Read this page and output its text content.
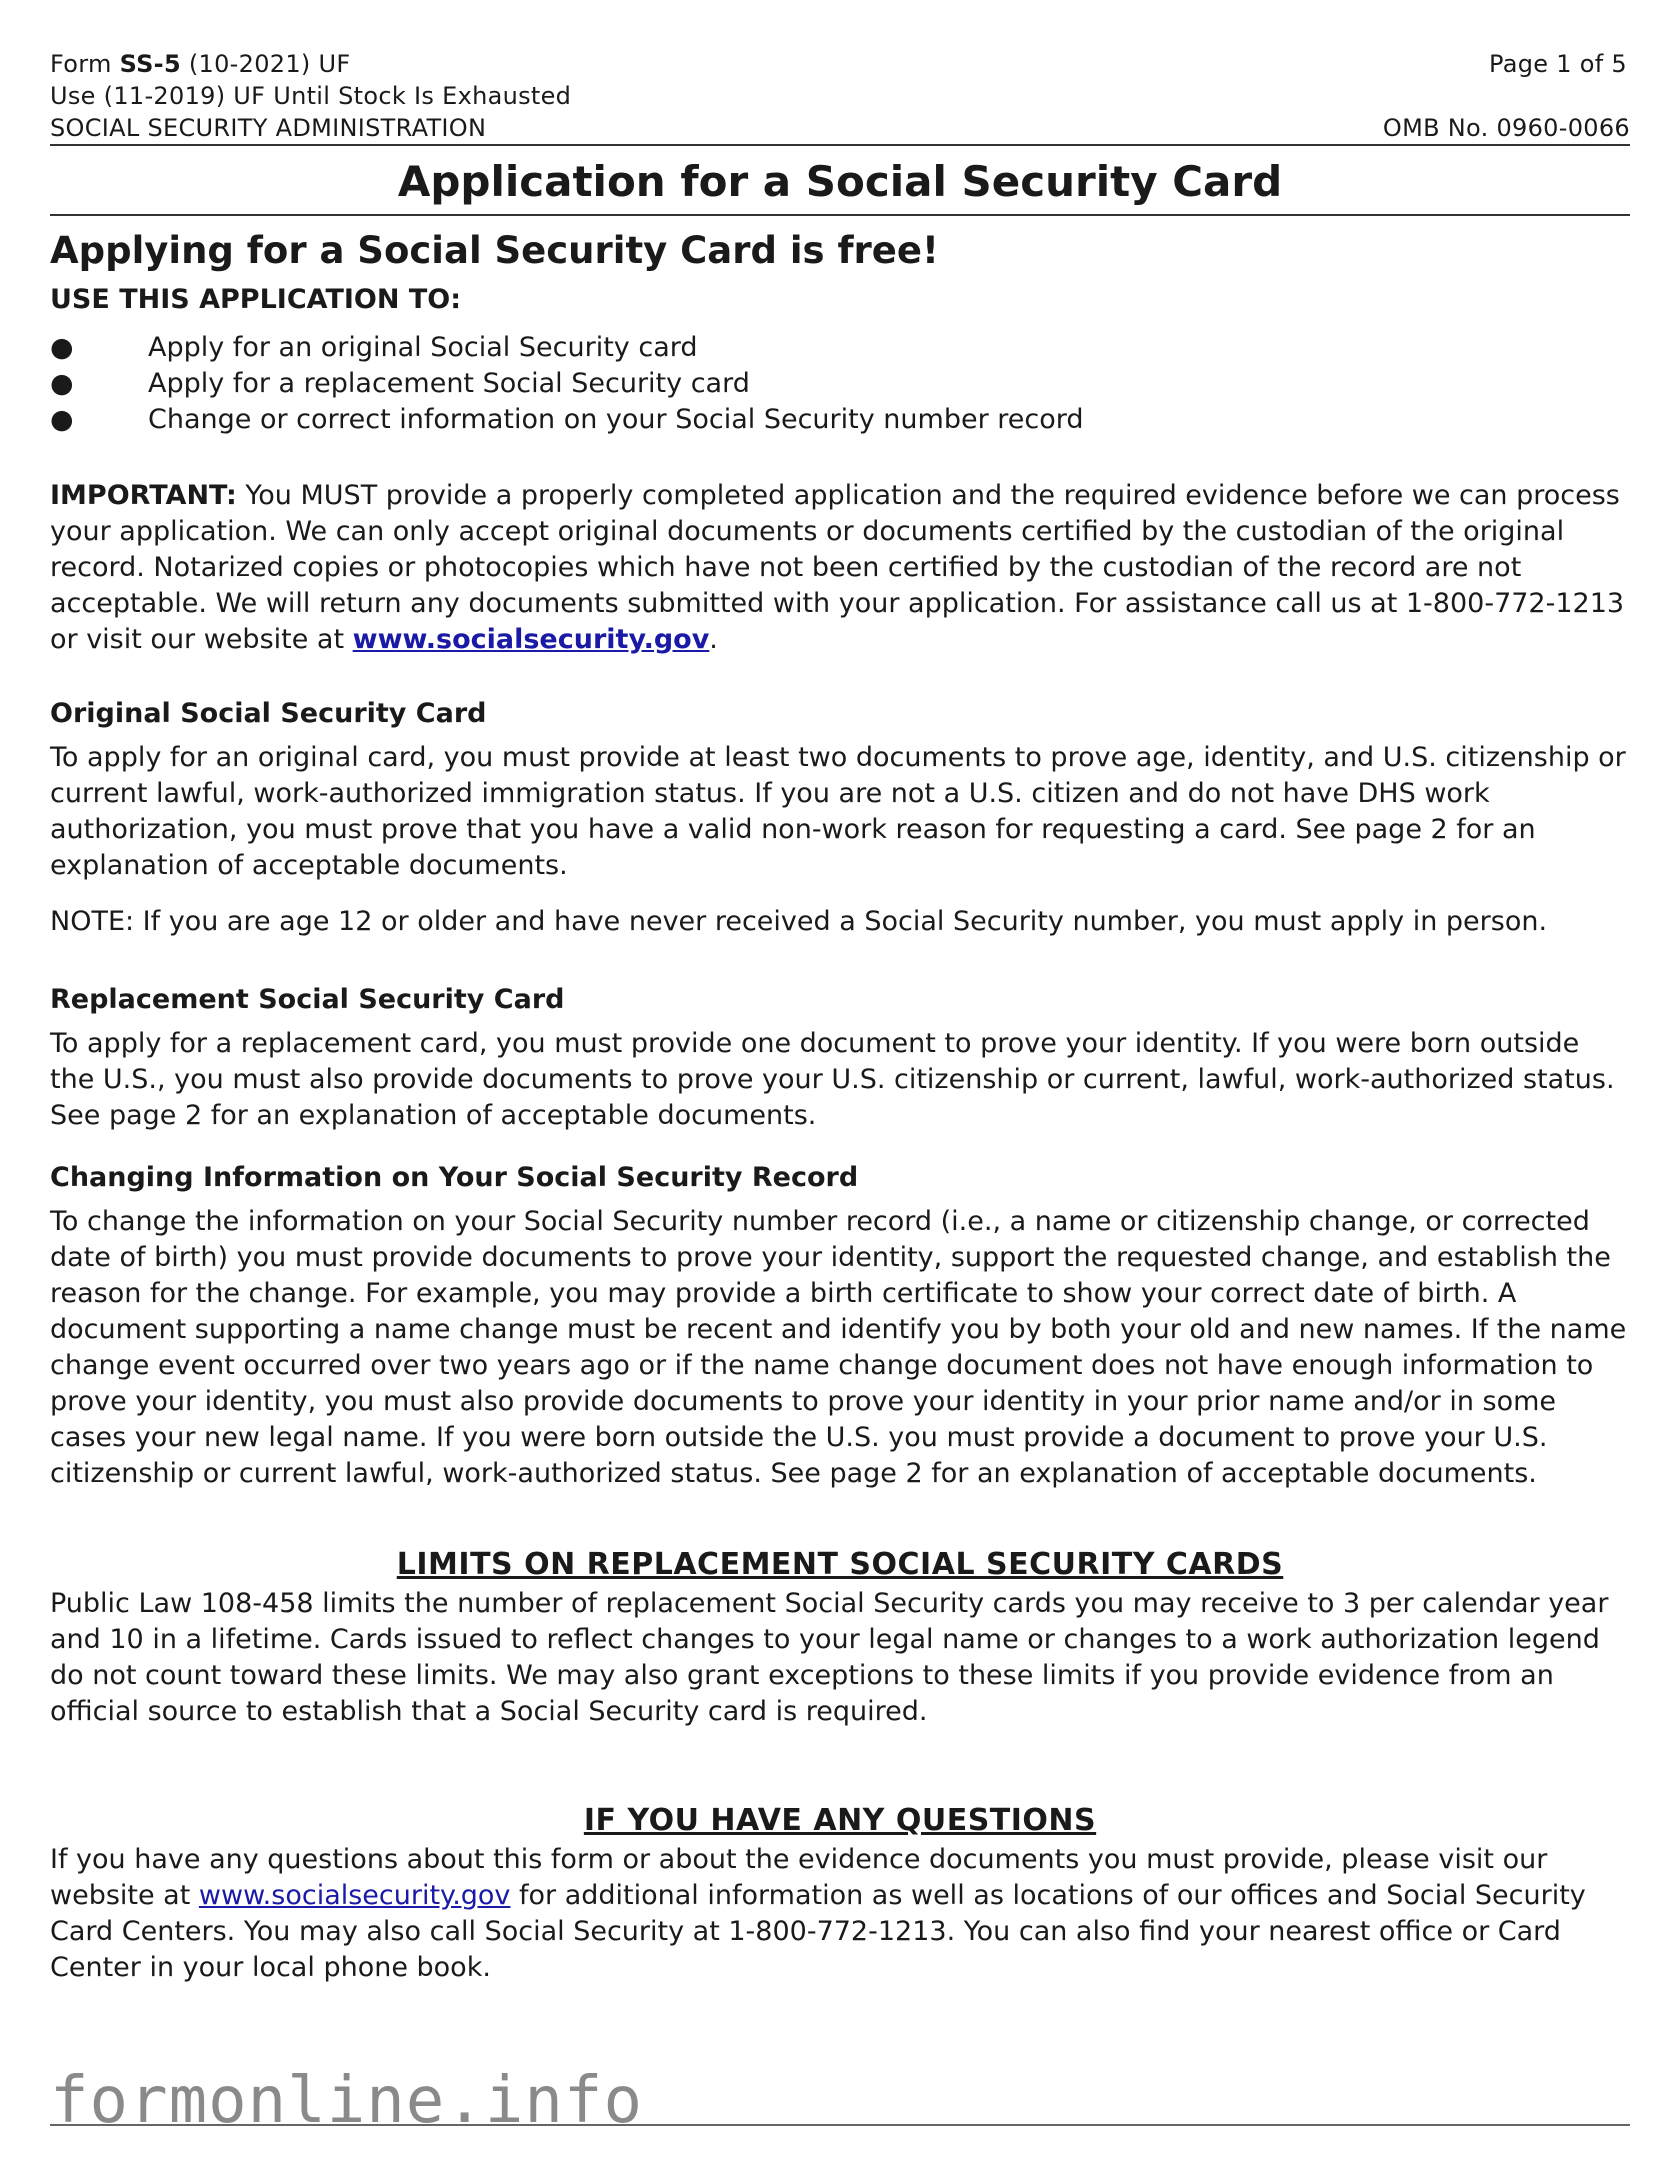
Form SS-5 (10-2021) UF
Use (11-2019) UF Until Stock Is Exhausted
SOCIAL SECURITY ADMINISTRATION
Page 1 of 5

OMB No. 0960-0066
Application for a Social Security Card
Applying for a Social Security Card is free!
USE THIS APPLICATION TO:
●	Apply for an original Social Security card
●	Apply for a replacement Social Security card
●	Change or correct information on your Social Security number record

IMPORTANT: You MUST provide a properly completed application and the required evidence before we can process your application. We can only accept original documents or documents certified by the custodian of the original record. Notarized copies or photocopies which have not been certified by the custodian of the record are not acceptable. We will return any documents submitted with your application. For assistance call us at 1-800-772-1213 or visit our website at www.socialsecurity.gov.

Original Social Security Card

To apply for an original card, you must provide at least two documents to prove age, identity, and U.S. citizenship or current lawful, work-authorized immigration status. If you are not a U.S. citizen and do not have DHS work authorization, you must prove that you have a valid non-work reason for requesting a card. See page 2 for an explanation of acceptable documents.

NOTE: If you are age 12 or older and have never received a Social Security number, you must apply in person.

Replacement Social Security Card

To apply for a replacement card, you must provide one document to prove your identity. If you were born outside the U.S., you must also provide documents to prove your U.S. citizenship or current, lawful, work-authorized status. See page 2 for an explanation of acceptable documents.

Changing Information on Your Social Security Record

To change the information on your Social Security number record (i.e., a name or citizenship change, or corrected date of birth) you must provide documents to prove your identity, support the requested change, and establish the reason for the change. For example, you may provide a birth certificate to show your correct date of birth. A document supporting a name change must be recent and identify you by both your old and new names. If the name change event occurred over two years ago or if the name change document does not have enough information to prove your identity, you must also provide documents to prove your identity in your prior name and/or in some cases your new legal name. If you were born outside the U.S. you must provide a document to prove your U.S. citizenship or current lawful, work-authorized status. See page 2 for an explanation of acceptable documents.

LIMITS ON REPLACEMENT SOCIAL SECURITY CARDS

Public Law 108-458 limits the number of replacement Social Security cards you may receive to 3 per calendar year and 10 in a lifetime. Cards issued to reflect changes to your legal name or changes to a work authorization legend do not count toward these limits. We may also grant exceptions to these limits if you provide evidence from an official source to establish that a Social Security card is required.

IF YOU HAVE ANY QUESTIONS

If you have any questions about this form or about the evidence documents you must provide, please visit our website at www.socialsecurity.gov for additional information as well as locations of our offices and Social Security Card Centers. You may also call Social Security at 1-800-772-1213. You can also find your nearest office or Card Center in your local phone book.

formonline.info
